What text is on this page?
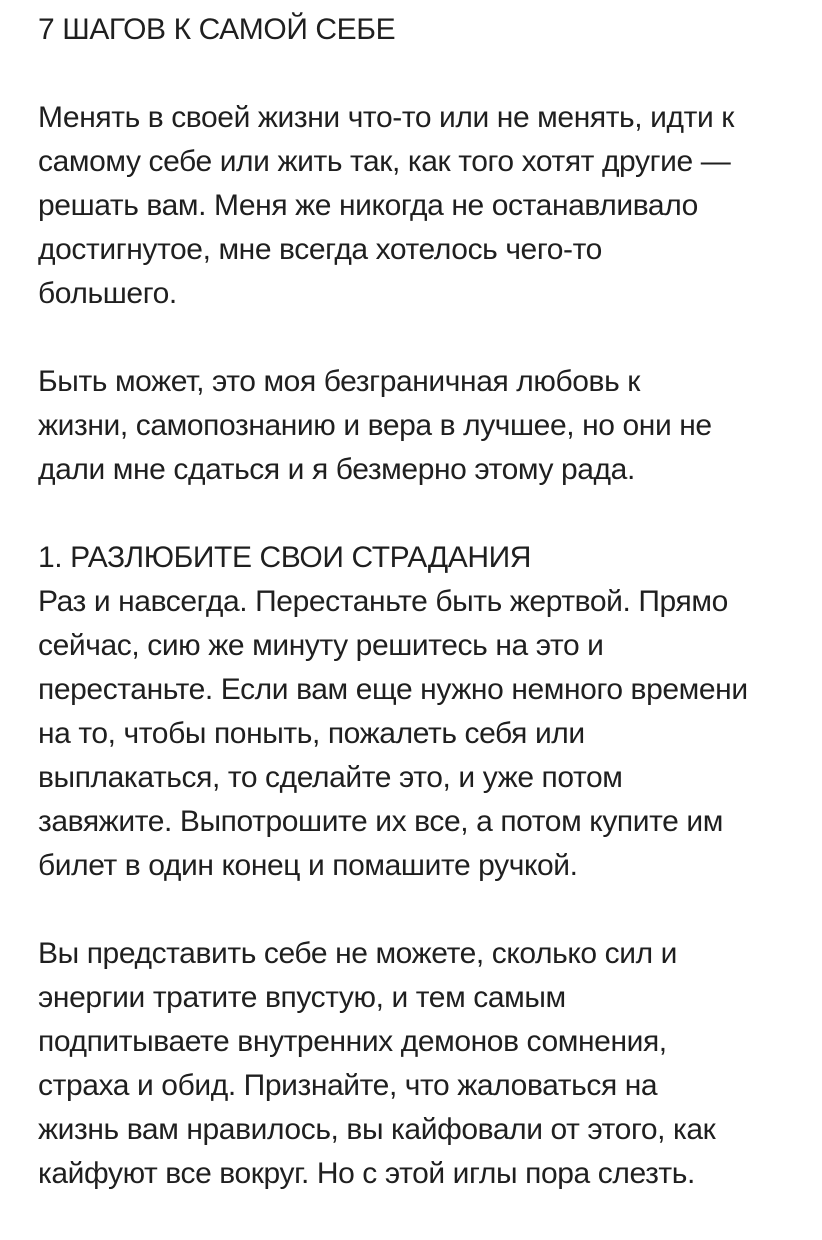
7 ШАГОВ К САМОЙ СЕБЕ
Менять в своей жизни что-то или не менять, идти к
самому себе или жить так, как того хотят другие —
решать вам. Меня же никогда не останавливало
достигнутое, мне всегда хотелось чего-то
большего.
Быть может, это моя безграничная любовь к
жизни, самопознанию и вера в лучшее, но они не
дали мне сдаться и я безмерно этому рада.
1. РАЗЛЮБИТЕ СВОИ СТРАДАНИЯ
Раз и навсегда. Перестаньте быть жертвой. Прямо
сейчас, сию же минуту решитесь на это и
перестаньте. Если вам еще нужно немного времени
на то, чтобы поныть, пожалеть себя или
выплакаться, то сделайте это, и уже потом
завяжите. Выпотрошите их все, а потом купите им
билет в один конец и помашите ручкой.
Вы представить себе не можете, сколько сил и
энергии тратите впустую, и тем самым
подпитываете внутренних демонов сомнения,
страха и обид. Признайте, что жаловаться на
жизнь вам нравилось, вы кайфовали от этого, как
кайфуют все вокруг. Но с этой иглы пора слезть.
